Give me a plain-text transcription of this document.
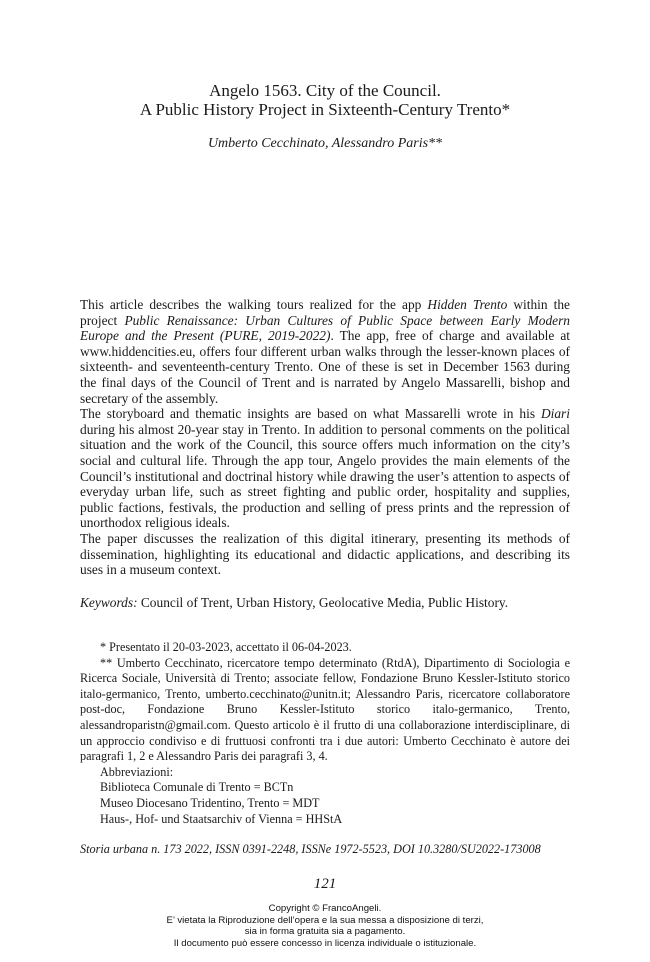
Angelo 1563. City of the Council.
A Public History Project in Sixteenth-Century Trento*
Umberto Cecchinato, Alessandro Paris**

This article describes the walking tours realized for the app Hidden Trento within the project Public Renaissance: Urban Cultures of Public Space between Early Modern Europe and the Present (PURE, 2019-2022). The app, free of charge and available at www.hiddencities.eu, offers four different urban walks through the lesser-known places of sixteenth- and seventeenth-century Trento. One of these is set in December 1563 during the final days of the Council of Trent and is narrated by Angelo Massarelli, bishop and secretary of the assembly.

The storyboard and thematic insights are based on what Massarelli wrote in his Diari during his almost 20-year stay in Trento. In addition to personal comments on the political situation and the work of the Council, this source offers much information on the city’s social and cultural life. Through the app tour, Angelo provides the main elements of the Council’s institutional and doctrinal history while drawing the user’s attention to aspects of everyday urban life, such as street fighting and public order, hospitality and supplies, public factions, festivals, the production and selling of press prints and the repression of unorthodox religious ideals.

The paper discusses the realization of this digital itinerary, presenting its methods of dissemination, highlighting its educational and didactic applications, and describing its uses in a museum context.

Keywords: Council of Trent, Urban History, Geolocative Media, Public History.

* Presentato il 20-03-2023, accettato il 06-04-2023.

** Umberto Cecchinato, ricercatore tempo determinato (RtdA), Dipartimento di Sociologia e Ricerca Sociale, Università di Trento; associate fellow, Fondazione Bruno Kessler-Istituto storico italo-germanico, Trento, umberto.cecchinato@unitn.it; Alessandro Paris, ricercatore collaboratore post-doc, Fondazione Bruno Kessler-Istituto storico italo-germanico, Trento, alessandroparistn@gmail.com. Questo articolo è il frutto di una collaborazione interdisciplinare, di un approccio condiviso e di fruttuosi confronti tra i due autori: Umberto Cecchinato è autore dei paragrafi 1, 2 e Alessandro Paris dei paragrafi 3, 4.

Abbreviazioni:

Biblioteca Comunale di Trento = BCTn

Museo Diocesano Tridentino, Trento = MDT

Haus-, Hof- und Staatsarchiv of Vienna = HHStA

Storia urbana n. 173 2022, ISSN 0391-2248, ISSNe 1972-5523, DOI 10.3280/SU2022-173008
121
Copyright © FrancoAngeli.
E’ vietata la Riproduzione dell’opera e la sua messa a disposizione di terzi,
sia in forma gratuita sia a pagamento.
Il documento può essere concesso in licenza individuale o istituzionale.
